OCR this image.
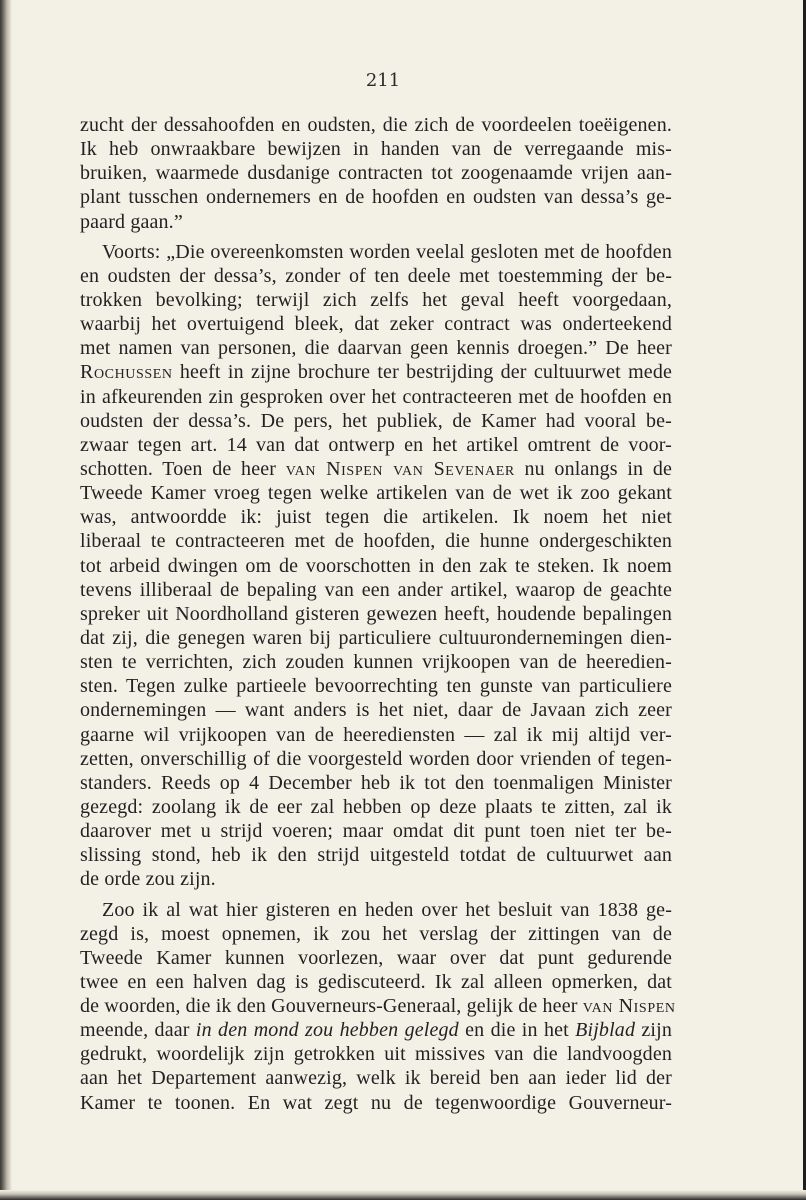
211
zucht der dessahoofden en oudsten, die zich de voordeelen toeëigenen.
Ik heb onwraakbare bewijzen in handen van de verregaande mis-
bruiken, waarmede dusdanige contracten tot zoogenaamde vrijen aan-
plant tusschen ondernemers en de hoofden en oudsten van dessa’s ge-
paard gaan.”
Voorts: „Die overeenkomsten worden veelal gesloten met de hoofden
en oudsten der dessa’s, zonder of ten deele met toestemming der be-
trokken bevolking; terwijl zich zelfs het geval heeft voorgedaan,
waarbij het overtuigend bleek, dat zeker contract was onderteekend
met namen van personen, die daarvan geen kennis droegen.” De heer
Rochussen heeft in zijne brochure ter bestrijding der cultuurwet mede
in afkeurenden zin gesproken over het contracteeren met de hoofden en
oudsten der dessa’s. De pers, het publiek, de Kamer had vooral be-
zwaar tegen art. 14 van dat ontwerp en het artikel omtrent de voor-
schotten. Toen de heer van Nispen van Sevenaer nu onlangs in de
Tweede Kamer vroeg tegen welke artikelen van de wet ik zoo gekant
was, antwoordde ik: juist tegen die artikelen. Ik noem het niet
liberaal te contracteeren met de hoofden, die hunne ondergeschikten
tot arbeid dwingen om de voorschotten in den zak te steken. Ik noem
tevens illiberaal de bepaling van een ander artikel, waarop de geachte
spreker uit Noordholland gisteren gewezen heeft, houdende bepalingen
dat zij, die genegen waren bij particuliere cultuurondernemingen dien-
sten te verrichten, zich zouden kunnen vrijkoopen van de heeredien-
sten. Tegen zulke partieele bevoorrechting ten gunste van particuliere
ondernemingen — want anders is het niet, daar de Javaan zich zeer
gaarne wil vrijkoopen van de heerediensten — zal ik mij altijd ver-
zetten, onverschillig of die voorgesteld worden door vrienden of tegen-
standers. Reeds op 4 December heb ik tot den toenmaligen Minister
gezegd: zoolang ik de eer zal hebben op deze plaats te zitten, zal ik
daarover met u strijd voeren; maar omdat dit punt toen niet ter be-
slissing stond, heb ik den strijd uitgesteld totdat de cultuurwet aan
de orde zou zijn.
Zoo ik al wat hier gisteren en heden over het besluit van 1838 ge-
zegd is, moest opnemen, ik zou het verslag der zittingen van de
Tweede Kamer kunnen voorlezen, waar over dat punt gedurende
twee en een halven dag is gediscuteerd. Ik zal alleen opmerken, dat
de woorden, die ik den Gouverneurs-Generaal, gelijk de heer van Nispen
meende, daar in den mond zou hebben gelegd en die in het Bijblad zijn
gedrukt, woordelijk zijn getrokken uit missives van die landvoogden
aan het Departement aanwezig, welk ik bereid ben aan ieder lid der
Kamer te toonen. En wat zegt nu de tegenwoordige Gouverneur-
